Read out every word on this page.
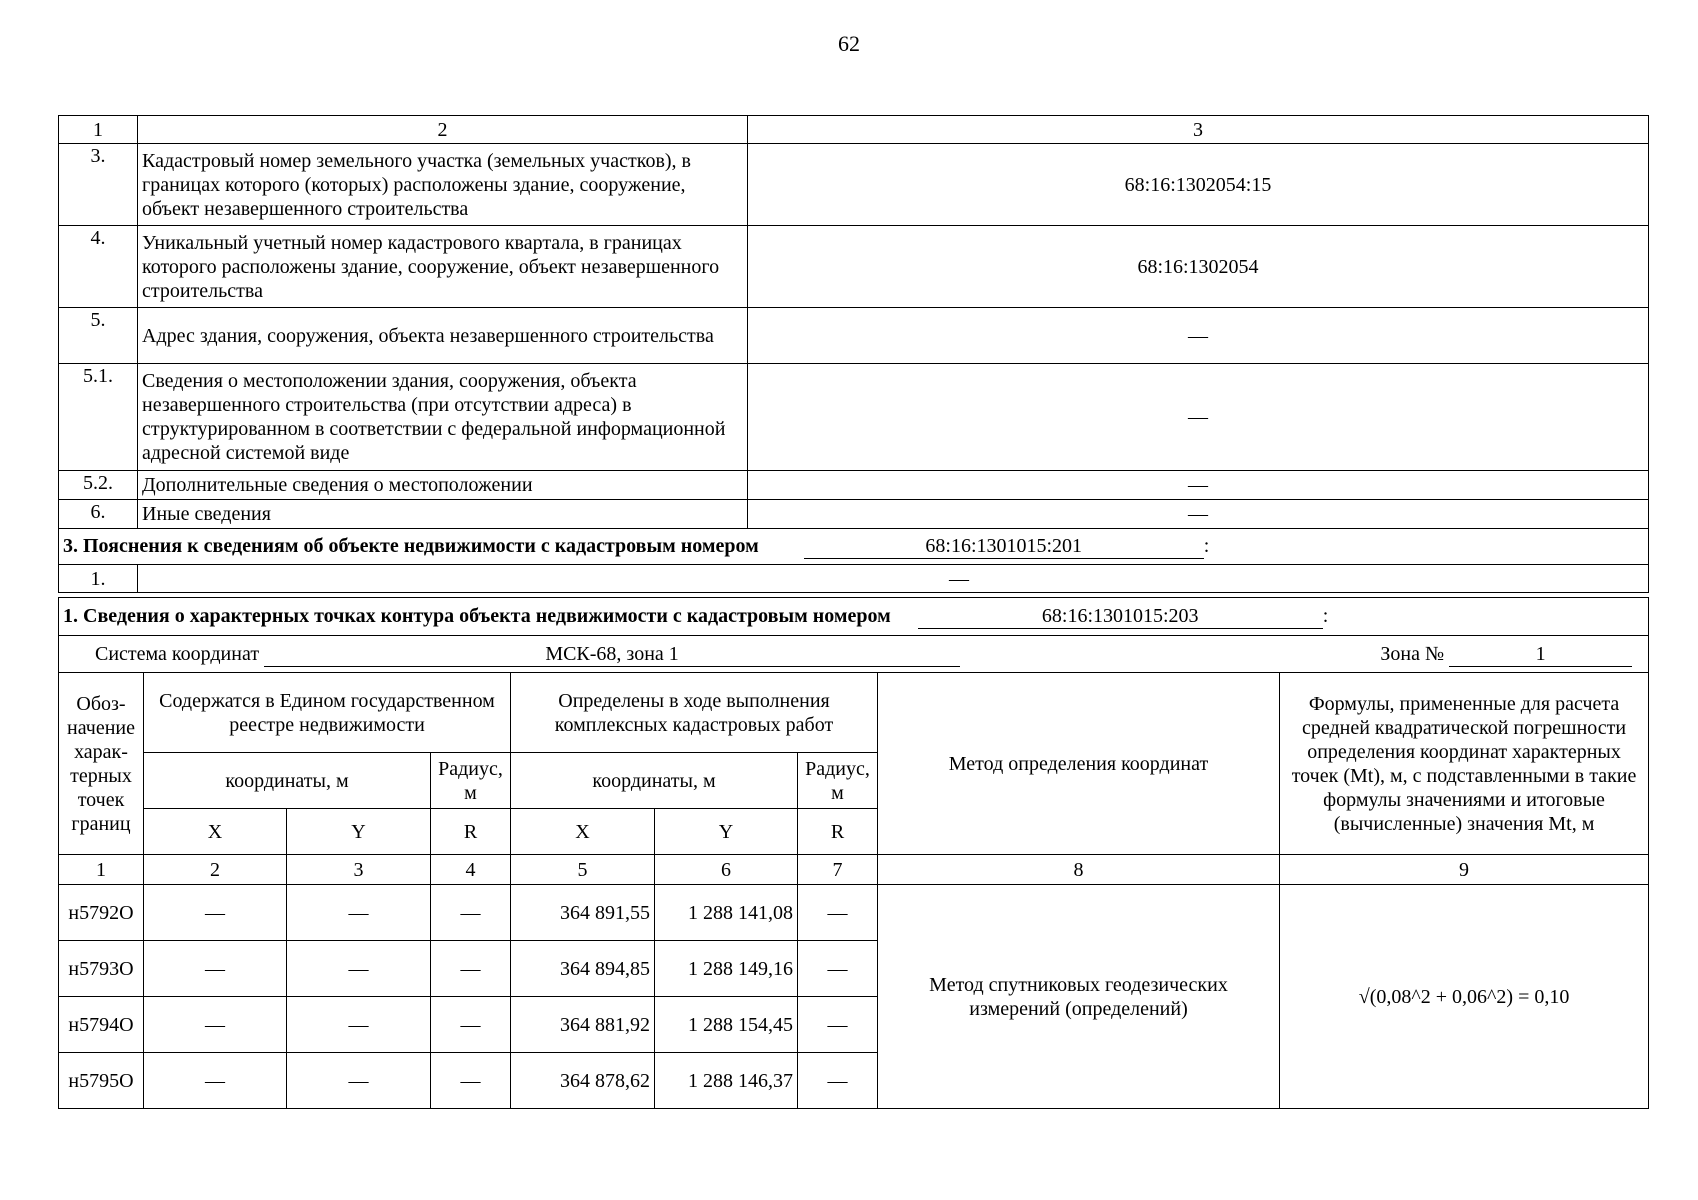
62
1	2	3
3.	Кадастровый номер земельного участка (земельных участков), в границах которого (которых) расположены здание, сооружение, объект незавершенного строительства	68:16:1302054:15
4.	Уникальный учетный номер кадастрового квартала, в границах которого расположены здание, сооружение, объект незавершенного строительства	68:16:1302054
5.	Адрес здания, сооружения, объекта незавершенного строительства	—
5.1.	Сведения о местоположении здания, сооружения, объекта незавершенного строительства (при отсутствии адреса) в структурированном в соответствии с федеральной информационной адресной системой виде	—
5.2.	Дополнительные сведения о местоположении	—
6.	Иные сведения	—
3. Пояснения к сведениям об объекте недвижимости с кадастровым номером 68:16:1301015:201 :		
1.	—	
1. Сведения о характерных точках контура объекта недвижимости с кадастровым номером 68:16:1301015:203 :								
Система координат МСК-68, зона 1 Зона № 1								

Обоз-начение харак-терных точек границ	Содержатся в Едином государственном реестре недвижимости			Определены в ходе выполнения комплексных кадастровых работ			Метод определения координат	Формулы, примененные для расчета средней квадратической погрешности определения координат характерных точек (Mt), м, с подставленными в такие формулы значениями и итоговые (вычисленные) значения Mt, м
	координаты, м		Радиус, м	координаты, м		Радиус, м		
	X	Y	R	X	Y	R		
1	2	3	4	5	6	7	8	9
н5792О	—	—	—	364 891,55	1 288 141,08	—	Метод спутниковых геодезических измерений (определений)	√(0,08^2 + 0,06^2) = 0,10
н5793О	—	—	—	364 894,85	1 288 149,16	—		
н5794О	—	—	—	364 881,92	1 288 154,45	—		
н5795О	—	—	—	364 878,62	1 288 146,37	—		
